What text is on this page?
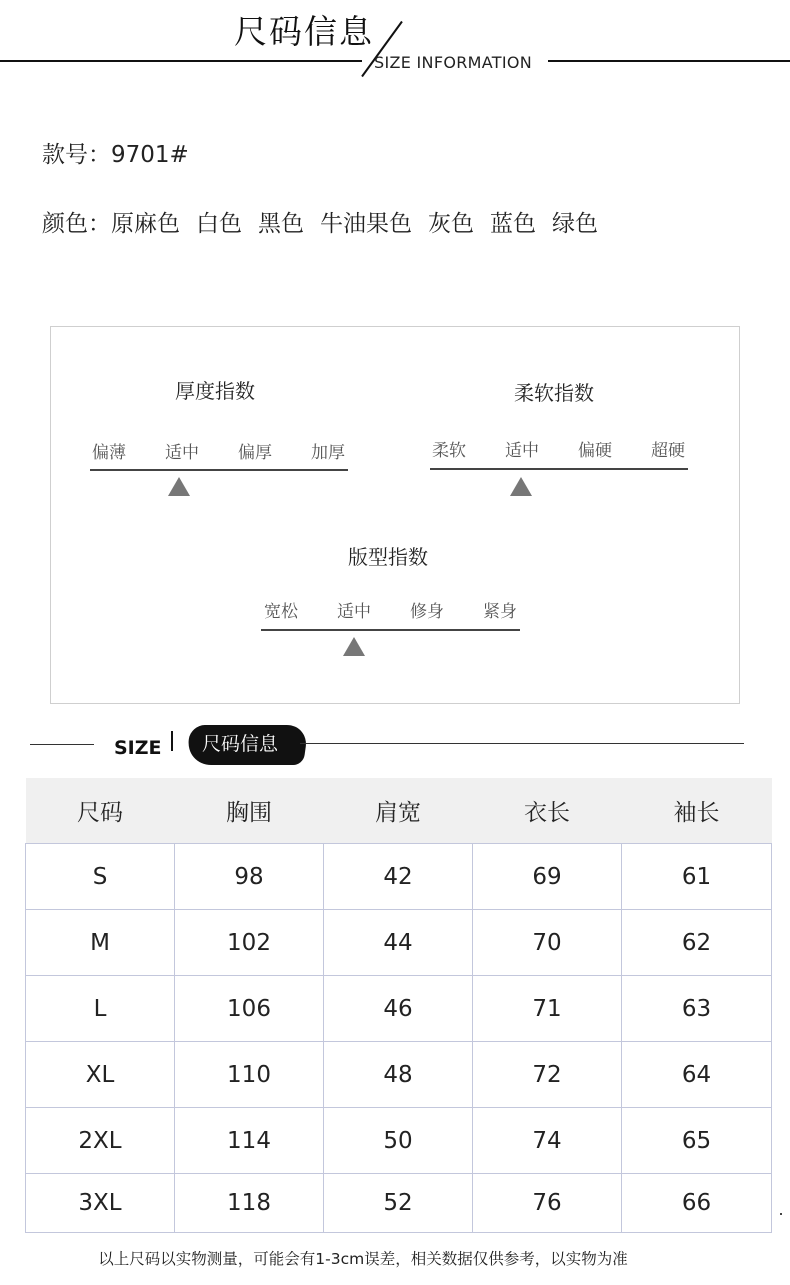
尺码信息
SIZE INFORMATION
款号：9701#
颜色：原麻色 白色 黑色 牛油果色 灰色 蓝色 绿色
厚度指数
偏薄	适中	偏厚	加厚
柔软指数
柔软	适中	偏硬	超硬
版型指数
宽松	适中	修身	紧身
SIZE 尺码信息
尺码	胸围	肩宽	衣长	袖长
S	98	42	69	61
M	102	44	70	62
L	106	46	71	63
XL	110	48	72	64
2XL	114	50	74	65
3XL	118	52	76	66
以上尺码以实物测量，可能会有1-3cm误差，相关数据仅供参考，以实物为准
